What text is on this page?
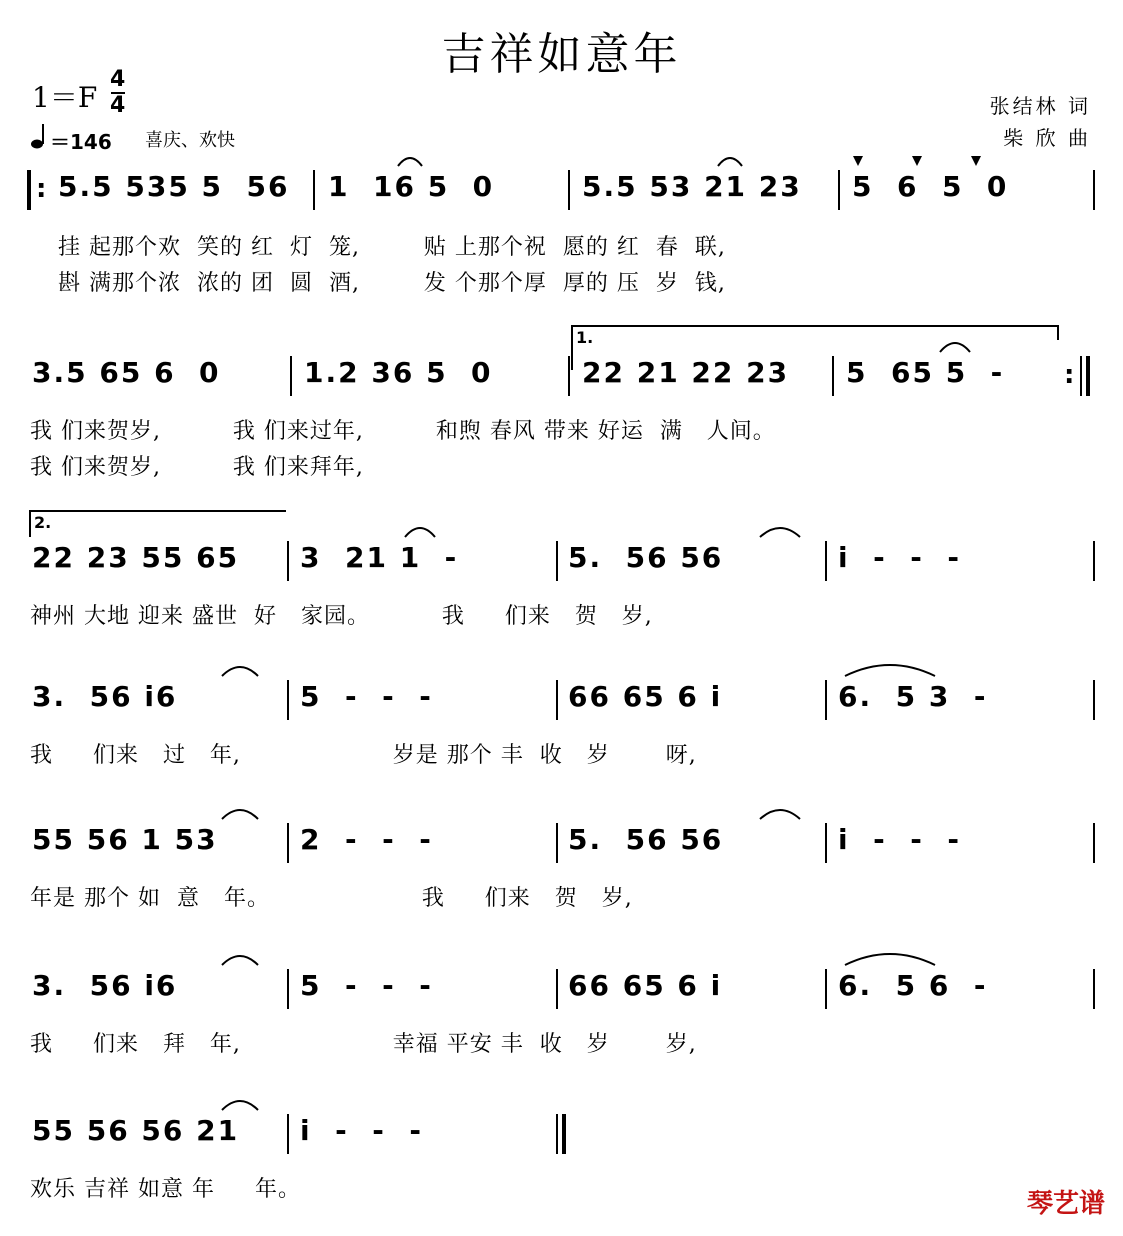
吉祥如意年
1＝F
4
4
＝146 喜庆、欢快
张结林 词
柴 欣 曲
: 5.5 535 5  56 1  16 5  0	5.5 53 21 23 5  6  5  0
挂 起那个欢  笑的 红  灯  笼,        贴 上那个祝  愿的 红  春  联,
斟 满那个浓  浓的 团  圆  酒,        发 个那个厚  厚的 压  岁  钱,
1.
3.5 65 6  0	1.2 36 5  0	22 21 22 23 5  65 5  - :
我 们来贺岁,         我 们来过年,         和煦 春风 带来 好运  满   人间。
我 们来贺岁,         我 们来拜年,
2.
22 23 55 65 3  21 1  -	5.  56 56	i  -  -  -
神州 大地 迎来 盛世  好   家园。         我     们来   贺   岁,
3.  56 i6	5  -  -  -	66 65 6 i	6.  5 3  -
我     们来   过   年,                   岁是 那个 丰  收   岁       呀,
55 56 1 53	2  -  -  -	5.  56 56	i  -  -  -
年是 那个 如  意   年。                   我     们来   贺   岁,
3.  56 i6	5  -  -  -	66 65 6 i	6.  5 6  -
我     们来   拜   年,                   幸福 平安 丰  收   岁       岁,
55 56 56 21 i  -  -  -
欢乐 吉祥 如意 年     年。	琴艺谱
